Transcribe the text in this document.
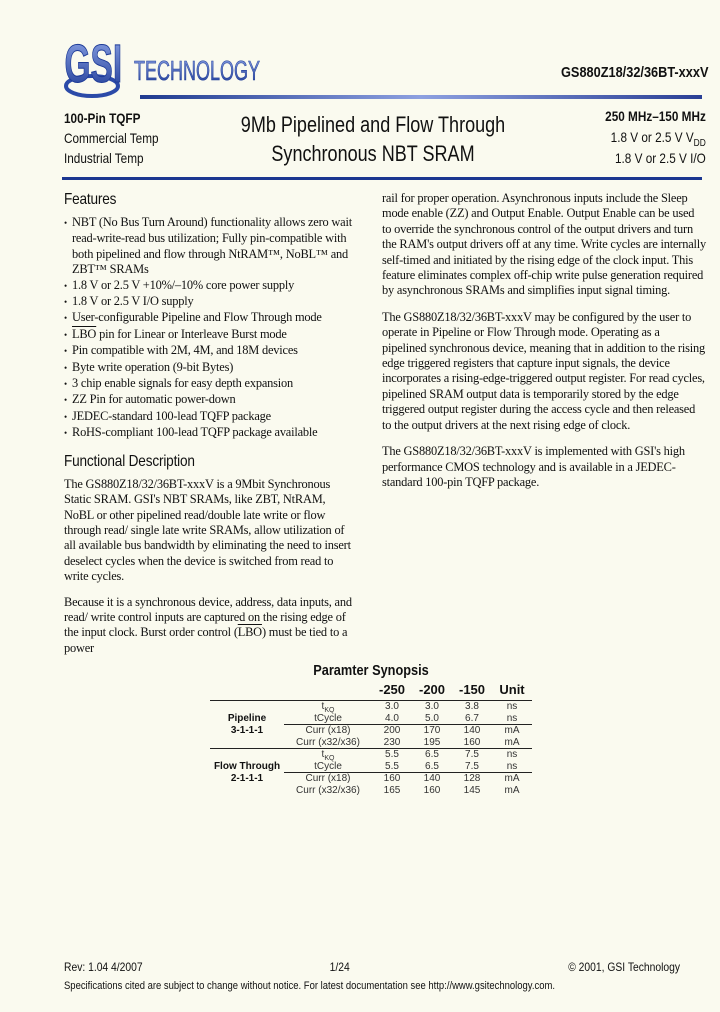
GSI TECHNOLOGY	GS880Z18/32/36BT-xxxV
100-Pin TQFP
Commercial Temp
Industrial Temp
9Mb Pipelined and Flow Through
Synchronous NBT SRAM
250 MHz–150 MHz
1.8 V or 2.5 V $V_{DD}$
1.8 V or 2.5 V I/O
Features
• NBT (No Bus Turn Around) functionality allows zero wait read-write-read bus utilization; Fully pin-compatible with both pipelined and flow through NtRAM™, NoBL™ and ZBT™ SRAMs
• 1.8 V or 2.5 V +10%/–10% core power supply
• 1.8 V or 2.5 V I/O supply
• User-configurable Pipeline and Flow Through mode
• $\overline{LBO}$ pin for Linear or Interleave Burst mode
• Pin compatible with 2M, 4M, and 18M devices
• Byte write operation (9-bit Bytes)
• 3 chip enable signals for easy depth expansion
• ZZ Pin for automatic power-down
• JEDEC-standard 100-lead TQFP package
• RoHS-compliant 100-lead TQFP package available
Functional Description

The GS880Z18/32/36BT-xxxV is a 9Mbit Synchronous Static SRAM. GSI's NBT SRAMs, like ZBT, NtRAM, NoBL or other pipelined read/double late write or flow through read/ single late write SRAMs, allow utilization of all available bus bandwidth by eliminating the need to insert deselect cycles when the device is switched from read to write cycles.

Because it is a synchronous device, address, data inputs, and read/ write control inputs are captured on the rising edge of the input clock. Burst order control $(\overline{LBO})$ must be tied to a power

rail for proper operation. Asynchronous inputs include the Sleep mode enable (ZZ) and Output Enable. Output Enable can be used to override the synchronous control of the output drivers and turn the RAM's output drivers off at any time. Write cycles are internally self-timed and initiated by the rising edge of the clock input. This feature eliminates complex off-chip write pulse generation required by asynchronous SRAMs and simplifies input signal timing.

The GS880Z18/32/36BT-xxxV may be configured by the user to operate in Pipeline or Flow Through mode. Operating as a pipelined synchronous device, meaning that in addition to the rising edge triggered registers that capture input signals, the device incorporates a rising-edge-triggered output register. For read cycles, pipelined SRAM output data is temporarily stored by the edge triggered output register during the access cycle and then released to the output drivers at the next rising edge of clock.

The GS880Z18/32/36BT-xxxV is implemented with GSI's high performance CMOS technology and is available in a JEDEC-standard 100-pin TQFP package.

Paramter Synopsis
		-250	-200	-150	Unit
	$t_{KQ}$	3.0	3.0	3.8	ns
Pipeline	tCycle	4.0	5.0	6.7	ns
3-1-1-1	Curr (x18)	200	170	140	mA
	Curr (x32/x36)	230	195	160	mA
	$t_{KQ}$	5.5	6.5	7.5	ns
Flow Through	tCycle	5.5	6.5	7.5	ns
2-1-1-1	Curr (x18)	160	140	128	mA
	Curr (x32/x36)	165	160	145	mA
Rev: 1.04 4/2007	1/24	© 2001, GSI Technology
Specifications cited are subject to change without notice. For latest documentation see http://www.gsitechnology.com.
